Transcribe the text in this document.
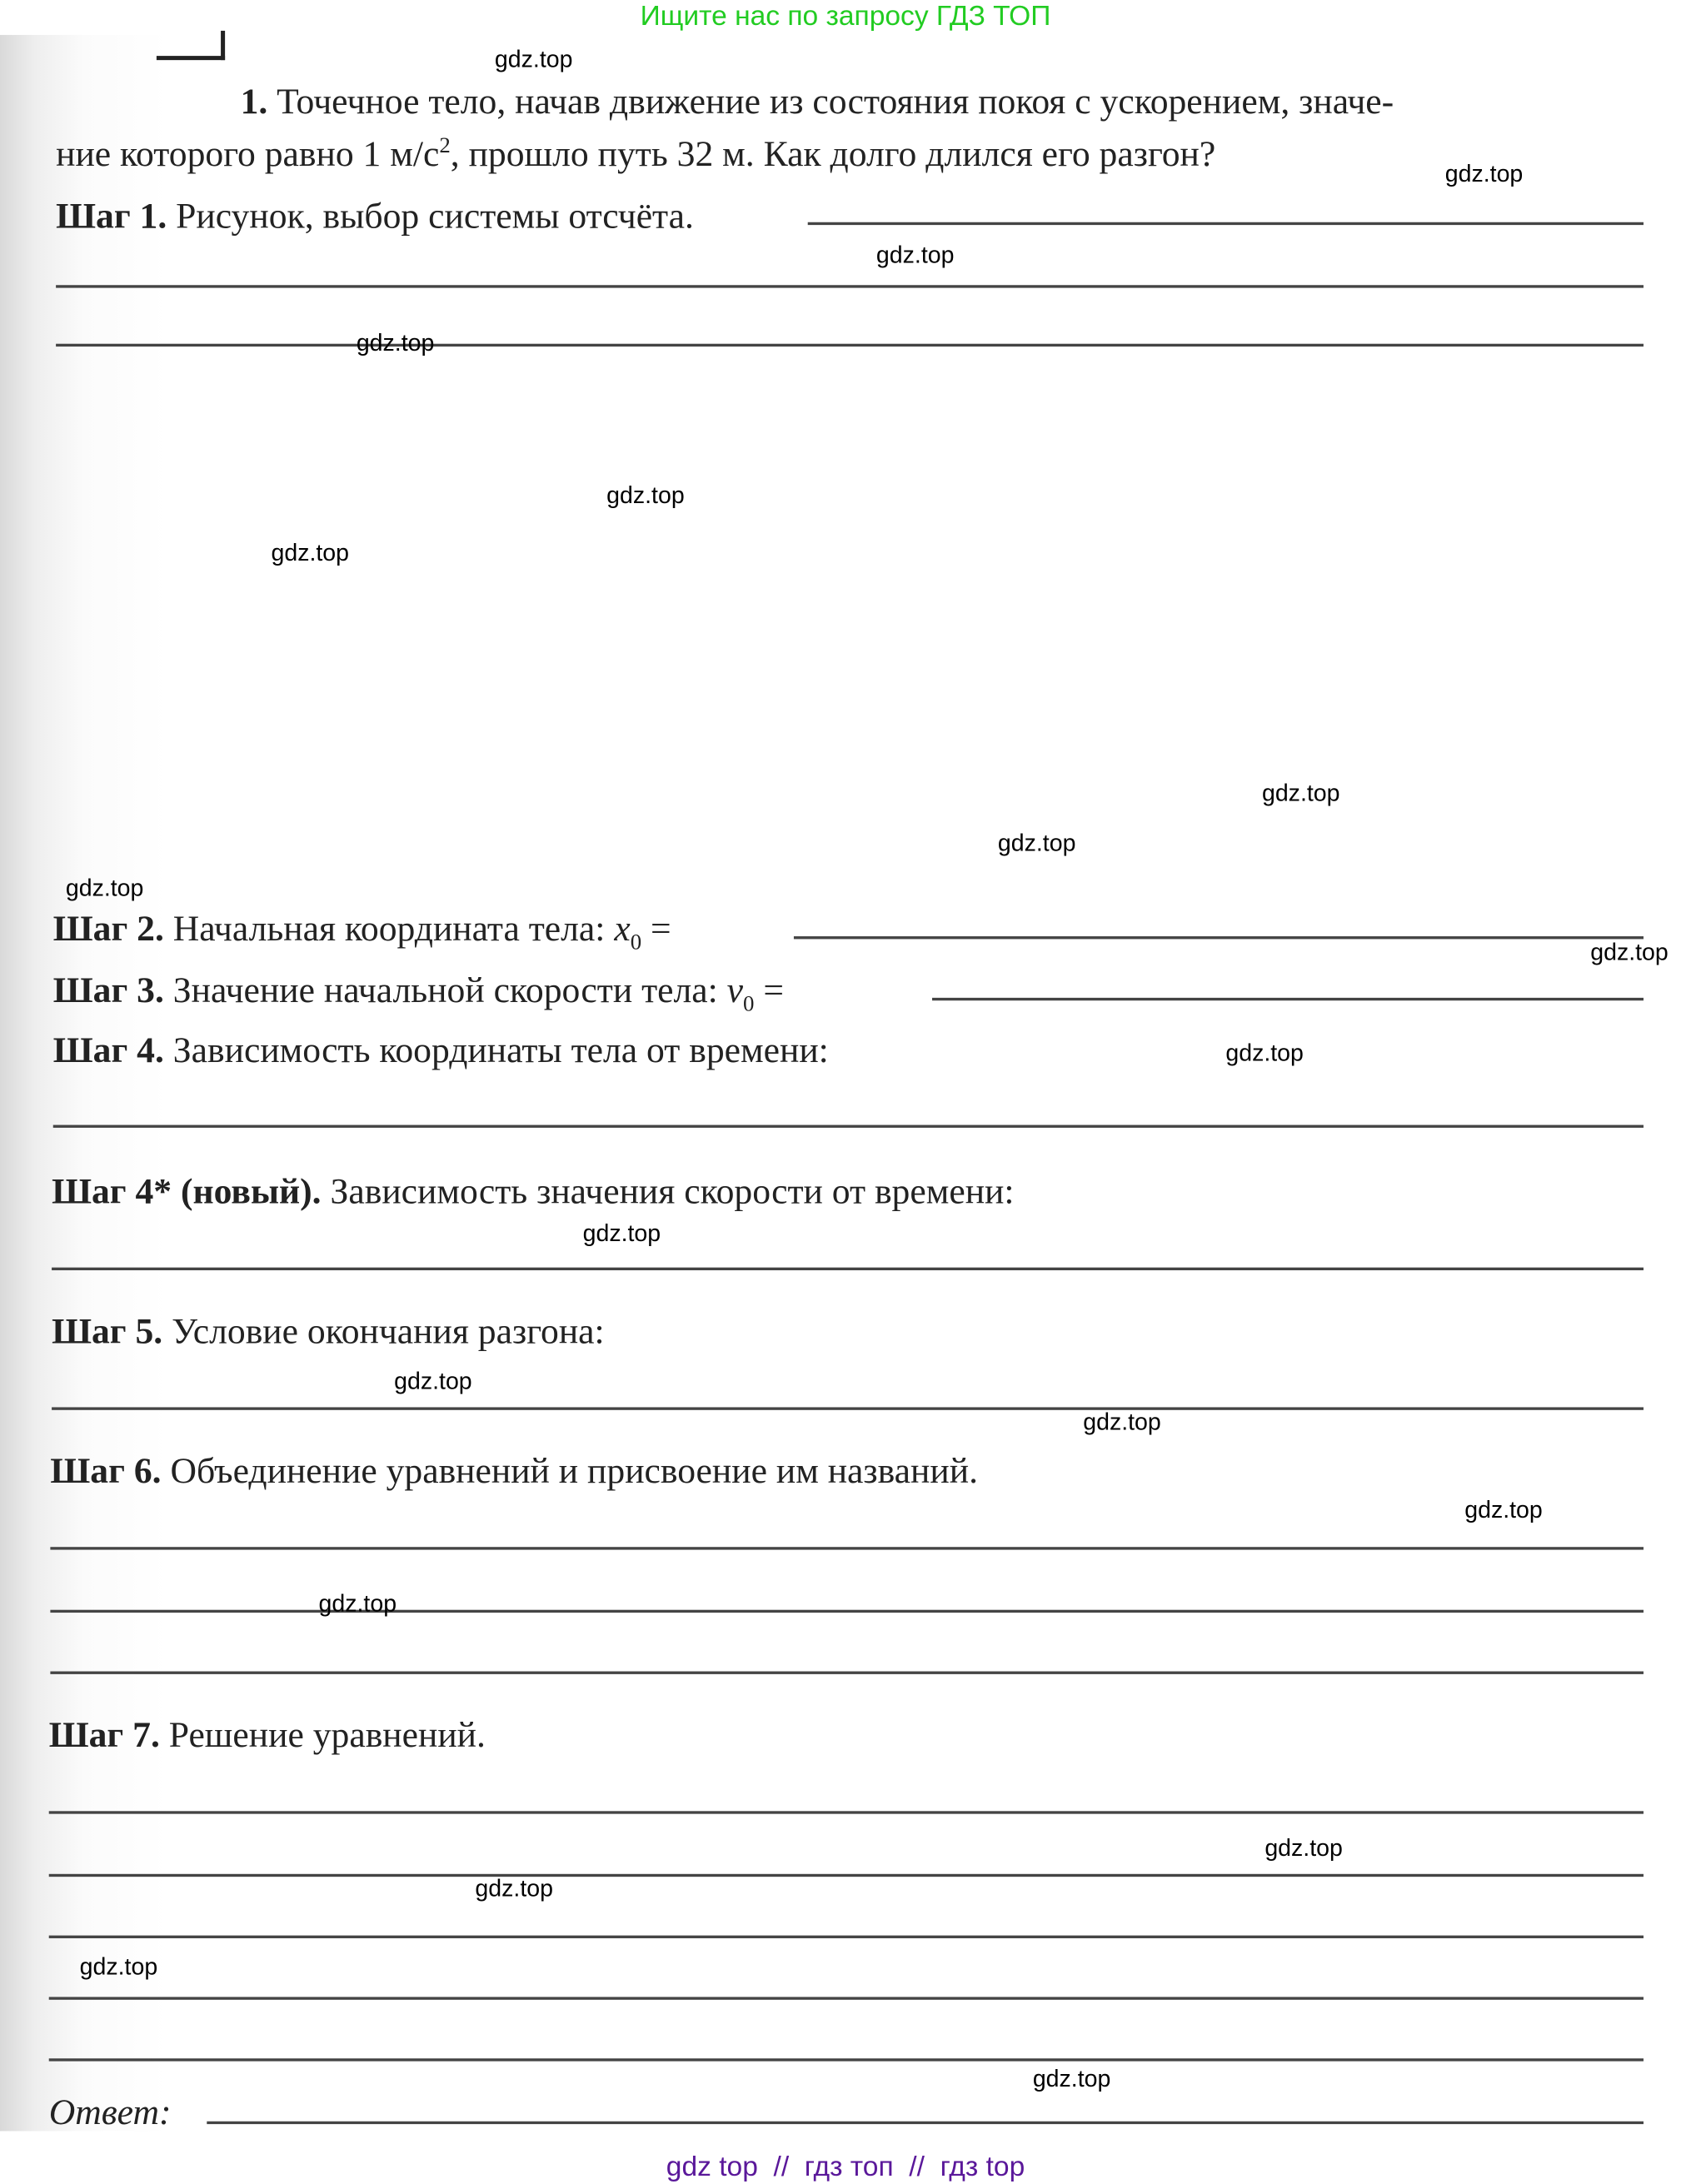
Ищите нас по запросу ГДЗ ТОП
1. Точечное тело, начав движение из состояния покоя с ускорением, значе-
ние которого равно 1 $м/с^2$, прошло путь 32 м. Как долго длился его разгон?
Шаг 1. Рисунок, выбор системы отсчёта.
Шаг 2. Начальная координата тела: $x_0$ =
Шаг 3. Значение начальной скорости тела: $v_0$ =
Шаг 4. Зависимость координаты тела от времени:
Шаг 4* (новый). Зависимость значения скорости от времени:
Шаг 5. Условие окончания разгона:
Шаг 6. Объединение уравнений и присвоение им названий.
Шаг 7. Решение уравнений.
Ответ:
gdz.top
gdz.top
gdz.top
gdz.top
gdz.top
gdz.top
gdz.top
gdz.top
gdz.top
gdz.top
gdz.top
gdz.top
gdz.top
gdz.top
gdz.top
gdz.top
gdz.top
gdz.top
gdz.top
gdz.top
gdz top  //  гдз топ  //  гдз top
